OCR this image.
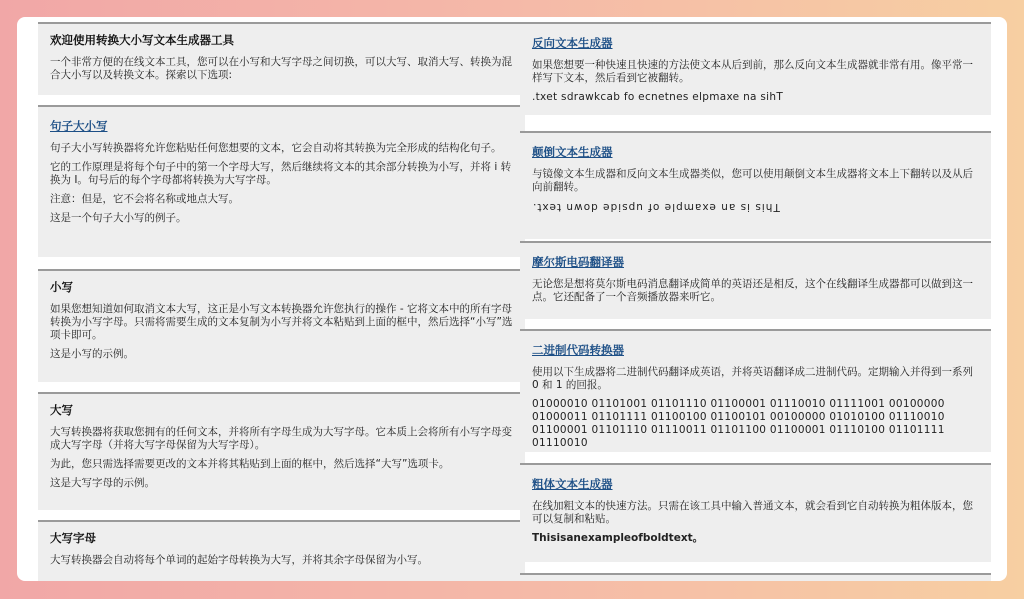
欢迎使用转换大小写文本生成器工具

一个非常方便的在线文本工具，您可以在小写和大写字母之间切换，可以大写、取消大写、转换为混合大小写以及转换文本。探索以下选项:

句子大小写

句子大小写转换器将允许您粘贴任何您想要的文本，它会自动将其转换为完全形成的结构化句子。

它的工作原理是将每个句子中的第一个字母大写，然后继续将文本的其余部分转换为小写，并将 i 转换为 I。句号后的每个字母都将转换为大写字母。

注意：但是，它不会将名称或地点大写。

这是一个句子大小写的例子。

小写

如果您想知道如何取消文本大写，这正是小写文本转换器允许您执行的操作 - 它将文本中的所有字母转换为小写字母。只需将需要生成的文本复制为小写并将文本粘贴到上面的框中，然后选择“小写”选项卡即可。

这是小写的示例。

大写

大写转换器将获取您拥有的任何文本，并将所有字母生成为大写字母。它本质上会将所有小写字母变成大写字母（并将大写字母保留为大写字母）。

为此，您只需选择需要更改的文本并将其粘贴到上面的框中，然后选择“大写”选项卡。

这是大写字母的示例。

大写字母

大写转换器会自动将每个单词的起始字母转换为大写，并将其余字母保留为小写。

反向文本生成器

如果您想要一种快速且快速的方法使文本从后到前，那么反向文本生成器就非常有用。像平常一样写下文本，然后看到它被翻转。

.txet sdrawkcab fo ecnetnes elpmaxe na sihT

颠倒文本生成器

与镜像文本生成器和反向文本生成器类似，您可以使用颠倒文本生成器将文本上下翻转以及从后向前翻转。

This is an example of upside down text.

摩尔斯电码翻译器

无论您是想将莫尔斯电码消息翻译成简单的英语还是相反，这个在线翻译生成器都可以做到这一点。它还配备了一个音频播放器来听它。

二进制代码转换器

使用以下生成器将二进制代码翻译成英语，并将英语翻译成二进制代码。定期输入并得到一系列 0 和 1 的回报。

01000010 01101001 01101110 01100001 01110010 01111001 00100000 01000011 01101111 01100100 01100101 00100000 01010100 01110010 01100001 01101110 01110011 01101100 01100001 01110100 01101111 01110010

粗体文本生成器

在线加粗文本的快速方法。只需在该工具中输入普通文本，就会看到它自动转换为粗体版本，您可以复制和粘贴。

Thisisanexampleofboldtext。
